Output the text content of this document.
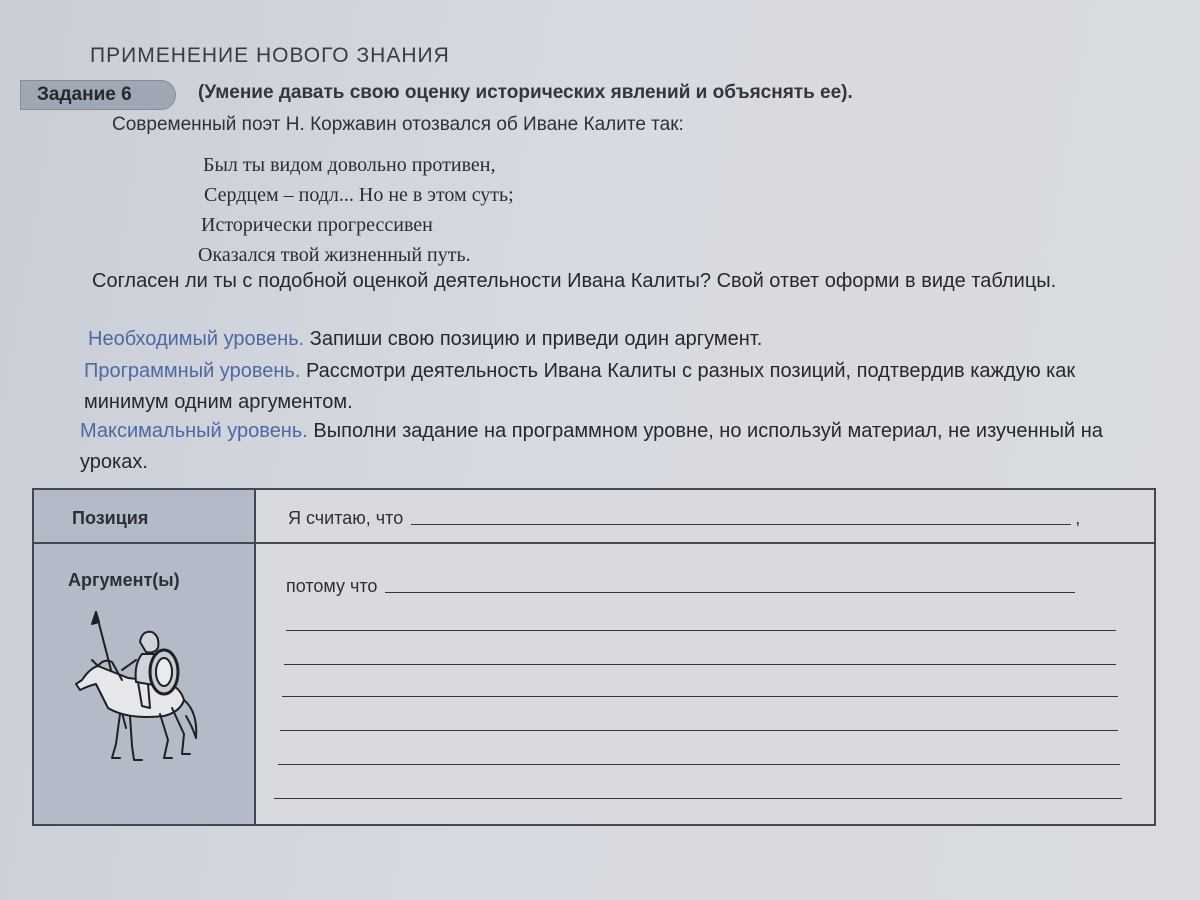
ПРИМЕНЕНИЕ НОВОГО ЗНАНИЯ
Задание 6	(Умение давать свою оценку исторических явлений и объяснять ее).
Современный поэт Н. Коржавин отозвался об Иване Калите так:
Был ты видом довольно противен,
Сердцем – подл... Но не в этом суть;
Исторически прогрессивен
Оказался твой жизненный путь.
Согласен ли ты с подобной оценкой деятельности Ивана Калиты? Свой ответ оформи в виде таблицы.
Необходимый уровень. Запиши свою позицию и приведи один аргумент.
Программный уровень. Рассмотри деятельность Ивана Калиты с разных позиций, подтвердив каждую как минимум одним аргументом.
Максимальный уровень. Выполни задание на программном уровне, но используй материал, не изученный на уроках.
Позиция
Аргумент(ы)
Я считаю, что	,
потому что
